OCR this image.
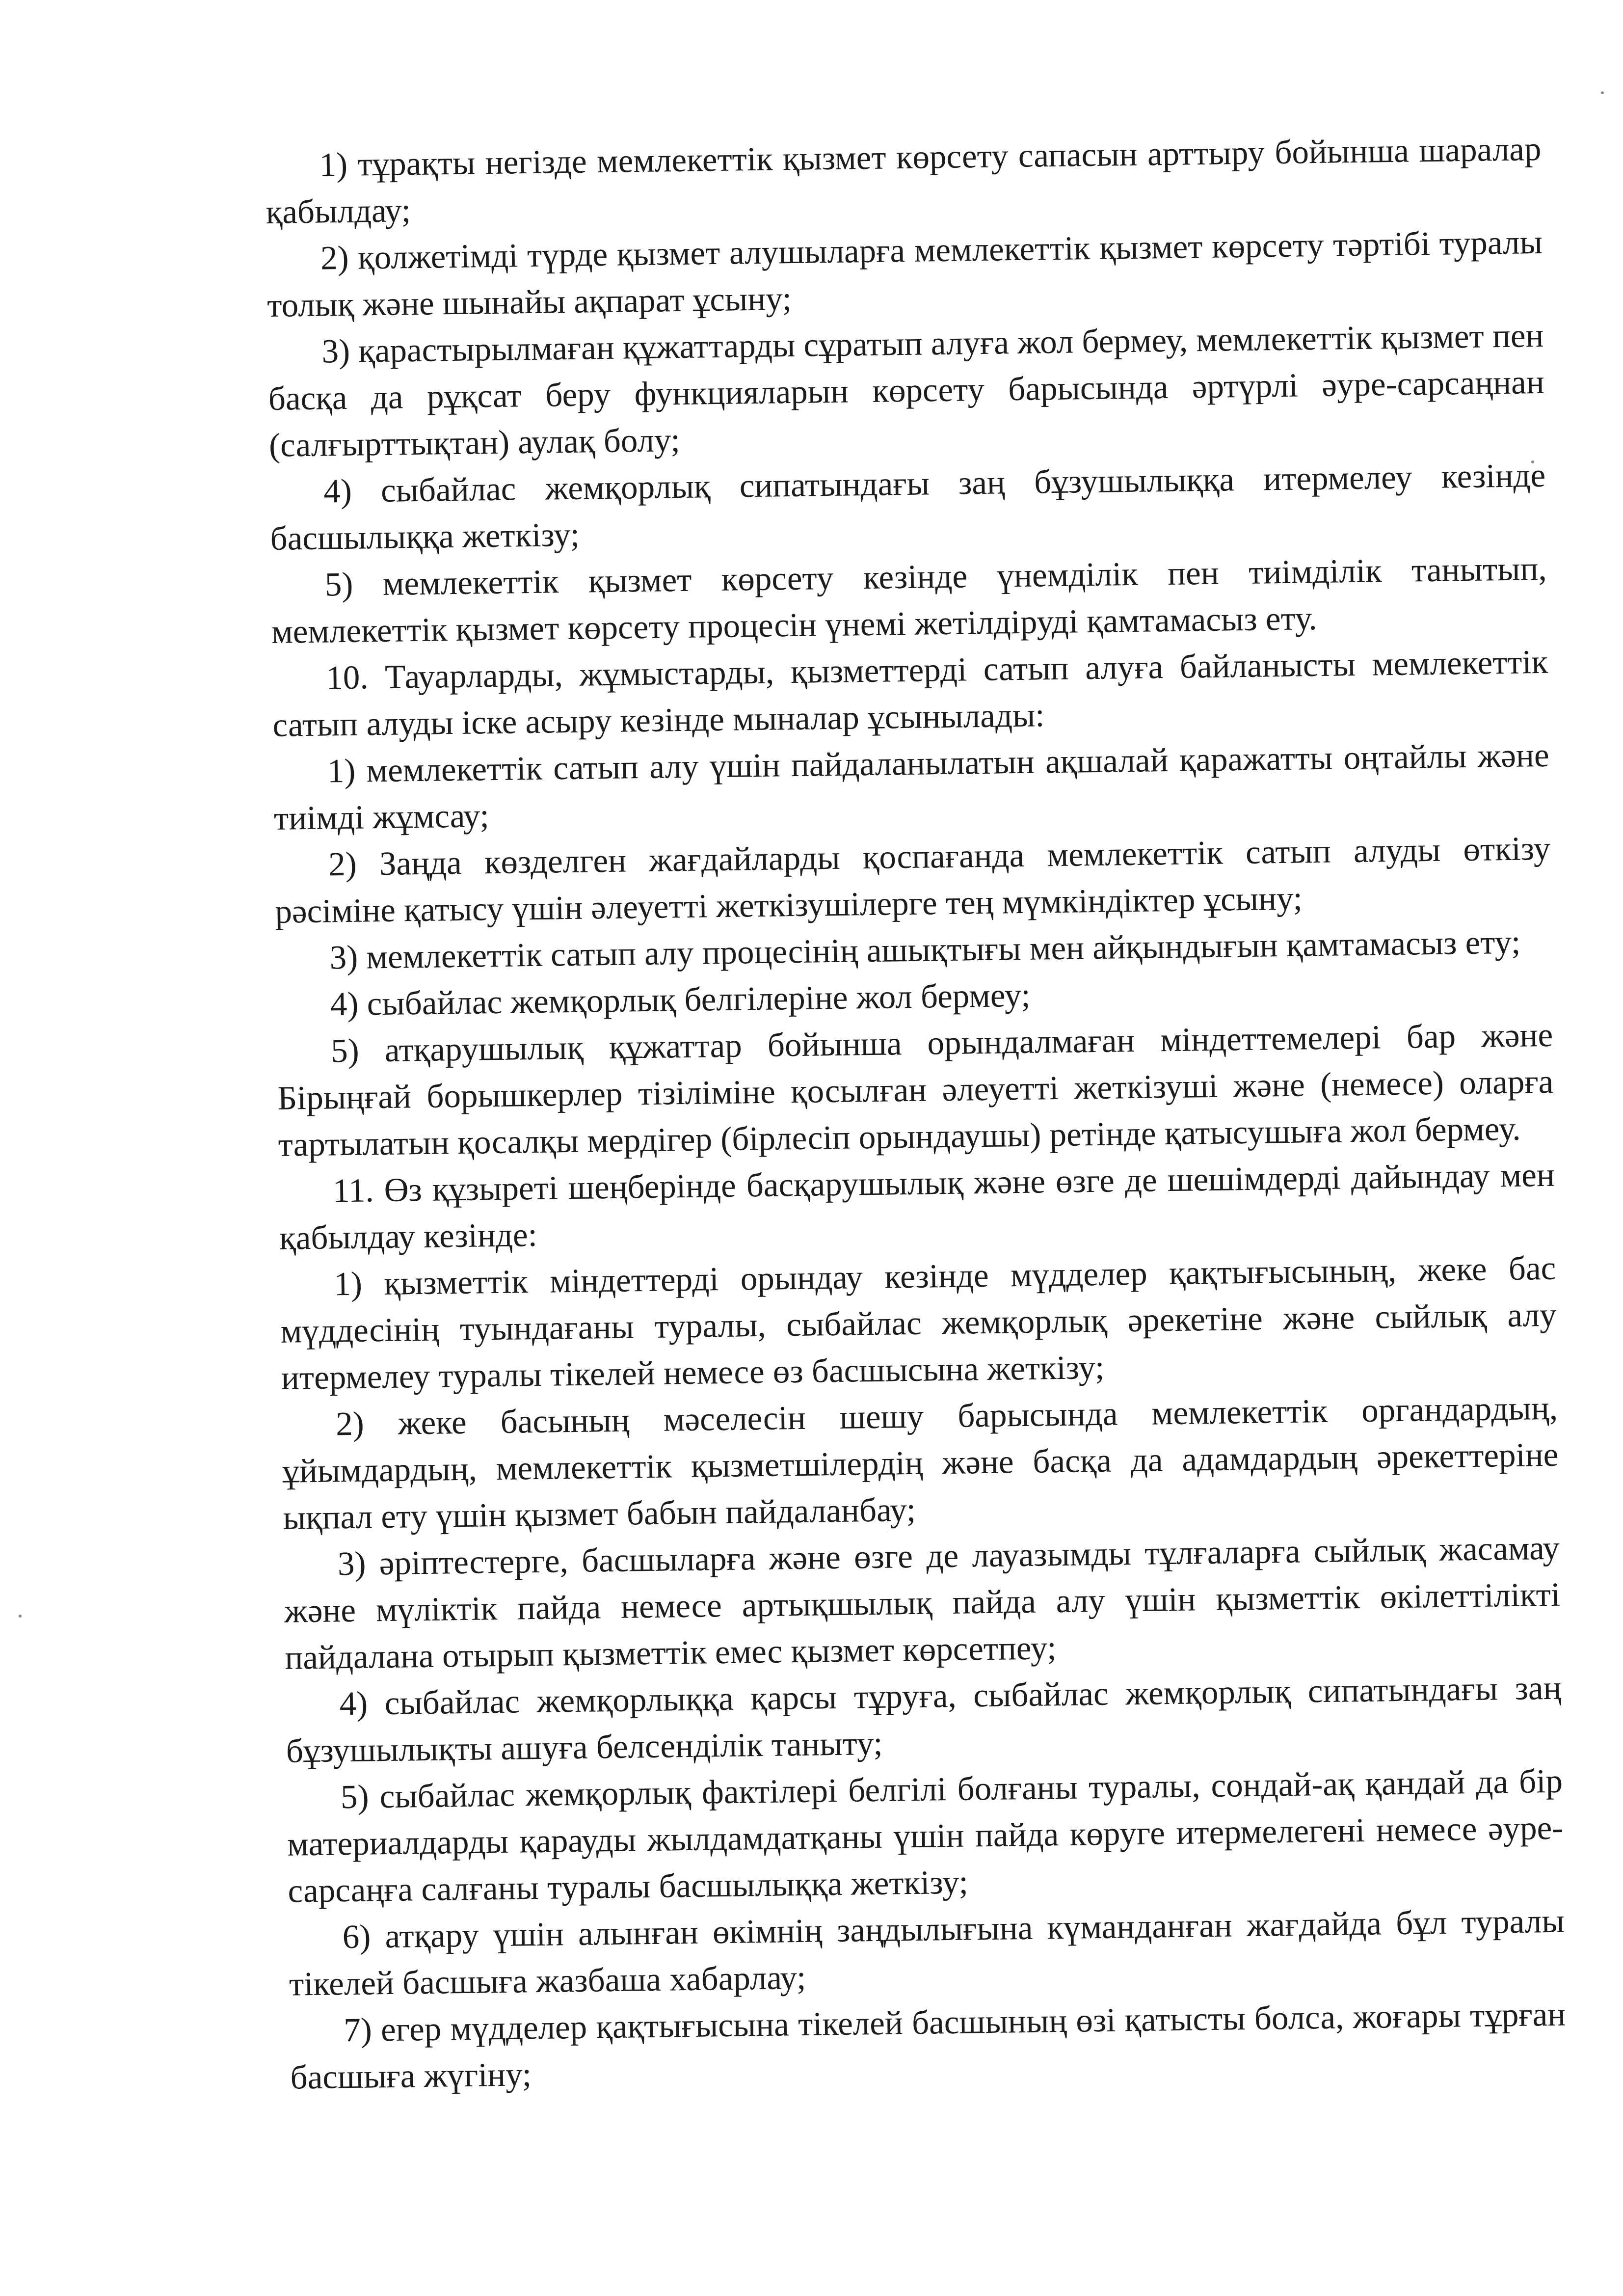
1) тұрақты негізде мемлекеттік қызмет көрсету сапасын арттыру бойынша шаралар қабылдау;

2) қолжетімді түрде қызмет алушыларға мемлекеттік қызмет көрсету тәртібі туралы толық және шынайы ақпарат ұсыну;

3) қарастырылмаған құжаттарды сұратып алуға жол бермеу, мемлекеттік қызмет пен басқа да рұқсат беру функцияларын көрсету барысында әртүрлі әуре-сарсаңнан (салғырттықтан) аулақ болу;

4) сыбайлас жемқорлық сипатындағы заң бұзушылыққа итермелеу кезінде басшылыққа жеткізу;

5) мемлекеттік қызмет көрсету кезінде үнемділік пен тиімділік танытып, мемлекеттік қызмет көрсету процесін үнемі жетілдіруді қамтамасыз ету.

10. Тауарларды, жұмыстарды, қызметтерді сатып алуға байланысты мемлекеттік сатып алуды іске асыру кезінде мыналар ұсынылады:

1) мемлекеттік сатып алу үшін пайдаланылатын ақшалай қаражатты оңтайлы және тиімді жұмсау;

2) Заңда көзделген жағдайларды қоспағанда мемлекеттік сатып алуды өткізу рәсіміне қатысу үшін әлеуетті жеткізушілерге тең мүмкіндіктер ұсыну;

3) мемлекеттік сатып алу процесінің ашықтығы мен айқындығын қамтамасыз ету;

4) сыбайлас жемқорлық белгілеріне жол бермеу;

5) атқарушылық құжаттар бойынша орындалмаған міндеттемелері бар және Бірыңғай борышкерлер тізіліміне қосылған әлеуетті жеткізуші және (немесе) оларға тартылатын қосалқы мердігер (бірлесіп орындаушы) ретінде қатысушыға жол бермеу.

11. Өз құзыреті шеңберінде басқарушылық және өзге де шешімдерді дайындау мен қабылдау кезінде:

1) қызметтік міндеттерді орындау кезінде мүдделер қақтығысының, жеке бас мүддесінің туындағаны туралы, сыбайлас жемқорлық әрекетіне және сыйлық алу итермелеу туралы тікелей немесе өз басшысына жеткізу;

2) жеке басының мәселесін шешу барысында мемлекеттік органдардың, ұйымдардың, мемлекеттік қызметшілердің және басқа да адамдардың әрекеттеріне ықпал ету үшін қызмет бабын пайдаланбау;

3) әріптестерге, басшыларға және өзге де лауазымды тұлғаларға сыйлық жасамау және мүліктік пайда немесе артықшылық пайда алу үшін қызметтік өкілеттілікті пайдалана отырып қызметтік емес қызмет көрсетпеу;

4) сыбайлас жемқорлыққа қарсы тұруға, сыбайлас жемқорлық сипатындағы заң бұзушылықты ашуға белсенділік таныту;

5) сыбайлас жемқорлық фактілері белгілі болғаны туралы, сондай-ақ қандай да бір материалдарды қарауды жылдамдатқаны үшін пайда көруге итермелегені немесе әуре-сарсаңға салғаны туралы басшылыққа жеткізу;

6) атқару үшін алынған өкімнің заңдылығына күманданған жағдайда бұл туралы тікелей басшыға жазбаша хабарлау;

7) егер мүдделер қақтығысына тікелей басшының өзі қатысты болса, жоғары тұрған басшыға жүгіну;
